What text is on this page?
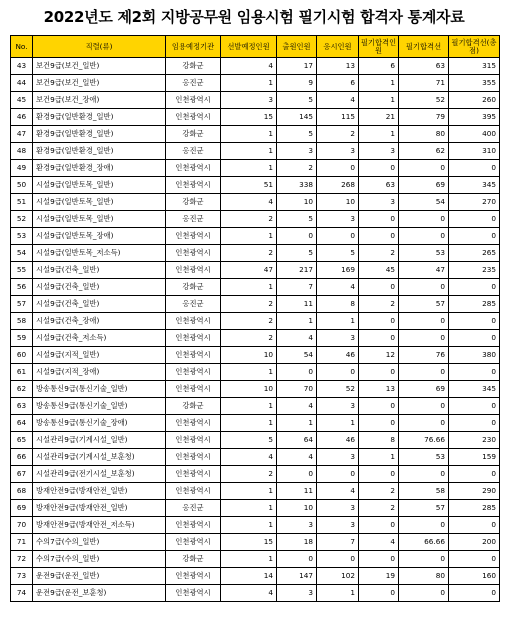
2022년도 제2회 지방공무원 임용시험 필기시험 합격자 통계자료
No.	직렬(류)	임용예정기관	선발예정인원	출원인원	응시인원	필기합격인원	필기합격선	필기합격선(총점)
43	보건9급(보건_일반)	강화군	4	17	13	6	63	315
44	보건9급(보건_일반)	옹진군	1	9	6	1	71	355
45	보건9급(보건_장애)	인천광역시	3	5	4	1	52	260
46	환경9급(일반환경_일반)	인천광역시	15	145	115	21	79	395
47	환경9급(일반환경_일반)	강화군	1	5	2	1	80	400
48	환경9급(일반환경_일반)	옹진군	1	3	3	3	62	310
49	환경9급(일반환경_장애)	인천광역시	1	2	0	0	0	0
50	시설9급(일반토목_일반)	인천광역시	51	338	268	63	69	345
51	시설9급(일반토목_일반)	강화군	4	10	10	3	54	270
52	시설9급(일반토목_일반)	옹진군	2	5	3	0	0	0
53	시설9급(일반토목_장애)	인천광역시	1	0	0	0	0	0
54	시설9급(일반토목_저소득)	인천광역시	2	5	5	2	53	265
55	시설9급(건축_일반)	인천광역시	47	217	169	45	47	235
56	시설9급(건축_일반)	강화군	1	7	4	0	0	0
57	시설9급(건축_일반)	옹진군	2	11	8	2	57	285
58	시설9급(건축_장애)	인천광역시	2	1	1	0	0	0
59	시설9급(건축_저소득)	인천광역시	2	4	3	0	0	0
60	시설9급(지적_일반)	인천광역시	10	54	46	12	76	380
61	시설9급(지적_장애)	인천광역시	1	0	0	0	0	0
62	방송통신9급(통신기술_일반)	인천광역시	10	70	52	13	69	345
63	방송통신9급(통신기술_일반)	강화군	1	4	3	0	0	0
64	방송통신9급(통신기술_장애)	인천광역시	1	1	1	0	0	0
65	시설관리9급(기계시설_일반)	인천광역시	5	64	46	8	76.66	230
66	시설관리9급(기계시설_보훈청)	인천광역시	4	4	3	1	53	159
67	시설관리9급(전기시설_보훈청)	인천광역시	2	0	0	0	0	0
68	방재안전9급(방재안전_일반)	인천광역시	1	11	4	2	58	290
69	방재안전9급(방재안전_일반)	옹진군	1	10	3	2	57	285
70	방재안전9급(방재안전_저소득)	인천광역시	1	3	3	0	0	0
71	수의7급(수의_일반)	인천광역시	15	18	7	4	66.66	200
72	수의7급(수의_일반)	강화군	1	0	0	0	0	0
73	운전9급(운전_일반)	인천광역시	14	147	102	19	80	160
74	운전9급(운전_보훈청)	인천광역시	4	3	1	0	0	0
